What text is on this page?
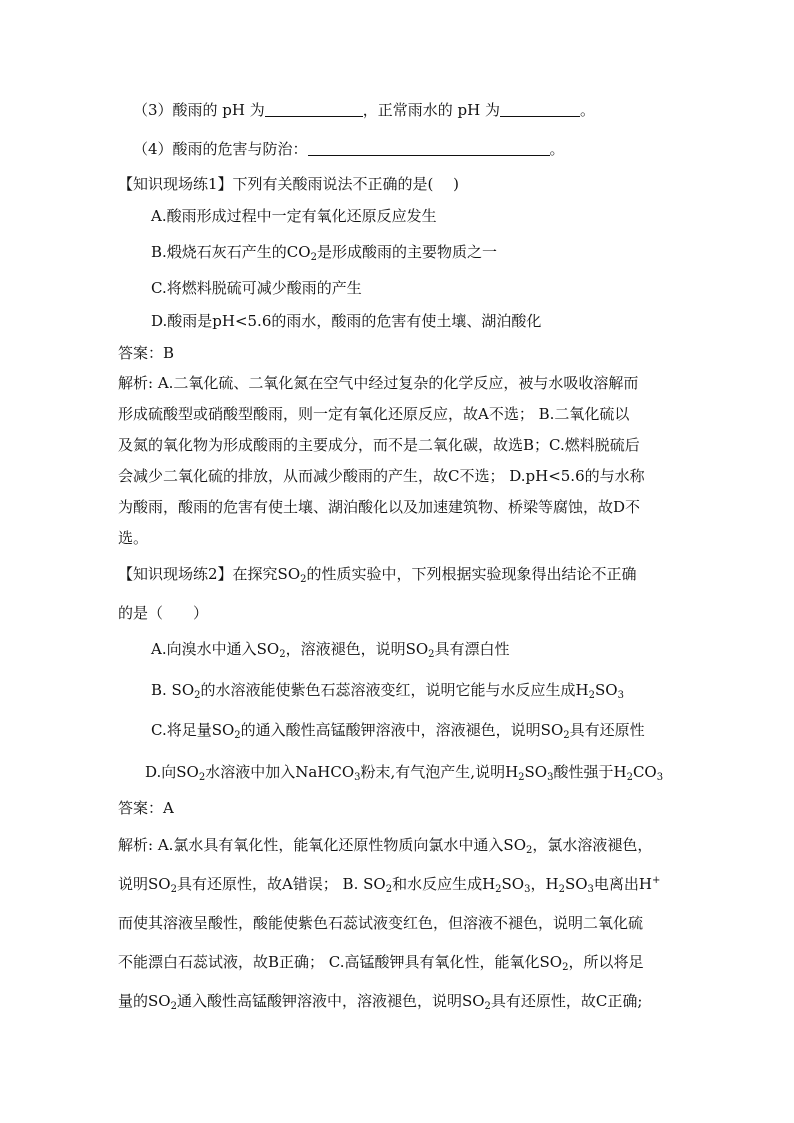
（3）酸雨的 pH 为	，正常雨水的 pH 为	。
（4）酸雨的危害与防治：	。
【知识现场练1】下列有关酸雨说法不正确的是(　 )
A.酸雨形成过程中一定有氧化还原反应发生
B.煅烧石灰石产生的$CO_2$是形成酸雨的主要物质之一
C.将燃料脱硫可减少酸雨的产生
D.酸雨是pH<5.6的雨水，酸雨的危害有使土壤、湖泊酸化
答案：B
解析: A.二氧化硫、二氧化氮在空气中经过复杂的化学反应，被与水吸收溶解而
形成硫酸型或硝酸型酸雨，则一定有氧化还原反应，故A不选； B.二氧化硫以
及氮的氧化物为形成酸雨的主要成分，而不是二氧化碳，故选B；C.燃料脱硫后
会减少二氧化硫的排放，从而减少酸雨的产生，故C不选； D.pH<5.6的与水称
为酸雨，酸雨的危害有使土壤、湖泊酸化以及加速建筑物、桥梁等腐蚀，故D不
选。
【知识现场练2】在探究$SO_2$的性质实验中，下列根据实验现象得出结论不正确
的是（　　）
A.向溴水中通入$SO_2$，溶液褪色，说明$SO_2$具有漂白性
B. $SO_2$的水溶液能使紫色石蕊溶液变红，说明它能与水反应生成$H_2SO_3$
C.将足量$SO_2$的通入酸性高锰酸钾溶液中，溶液褪色，说明$SO_2$具有还原性
D.向$SO_2$水溶液中加入NaHCO$_3$粉末,有气泡产生,说明$H_2SO_3$酸性强于$H_2CO_3$
答案：A
解析: A.氯水具有氧化性，能氧化还原性物质向氯水中通入$SO_2$，氯水溶液褪色，
说明$SO_2$具有还原性，故A错误； B. $SO_2$和水反应生成$H_2SO_3$，$H_2SO_3$电离出H+
而使其溶液呈酸性，酸能使紫色石蕊试液变红色，但溶液不褪色，说明二氧化硫
不能漂白石蕊试液，故B正确； C.高锰酸钾具有氧化性，能氧化$SO_2$，所以将足
量的$SO_2$通入酸性高锰酸钾溶液中，溶液褪色，说明$SO_2$具有还原性，故C正确;
